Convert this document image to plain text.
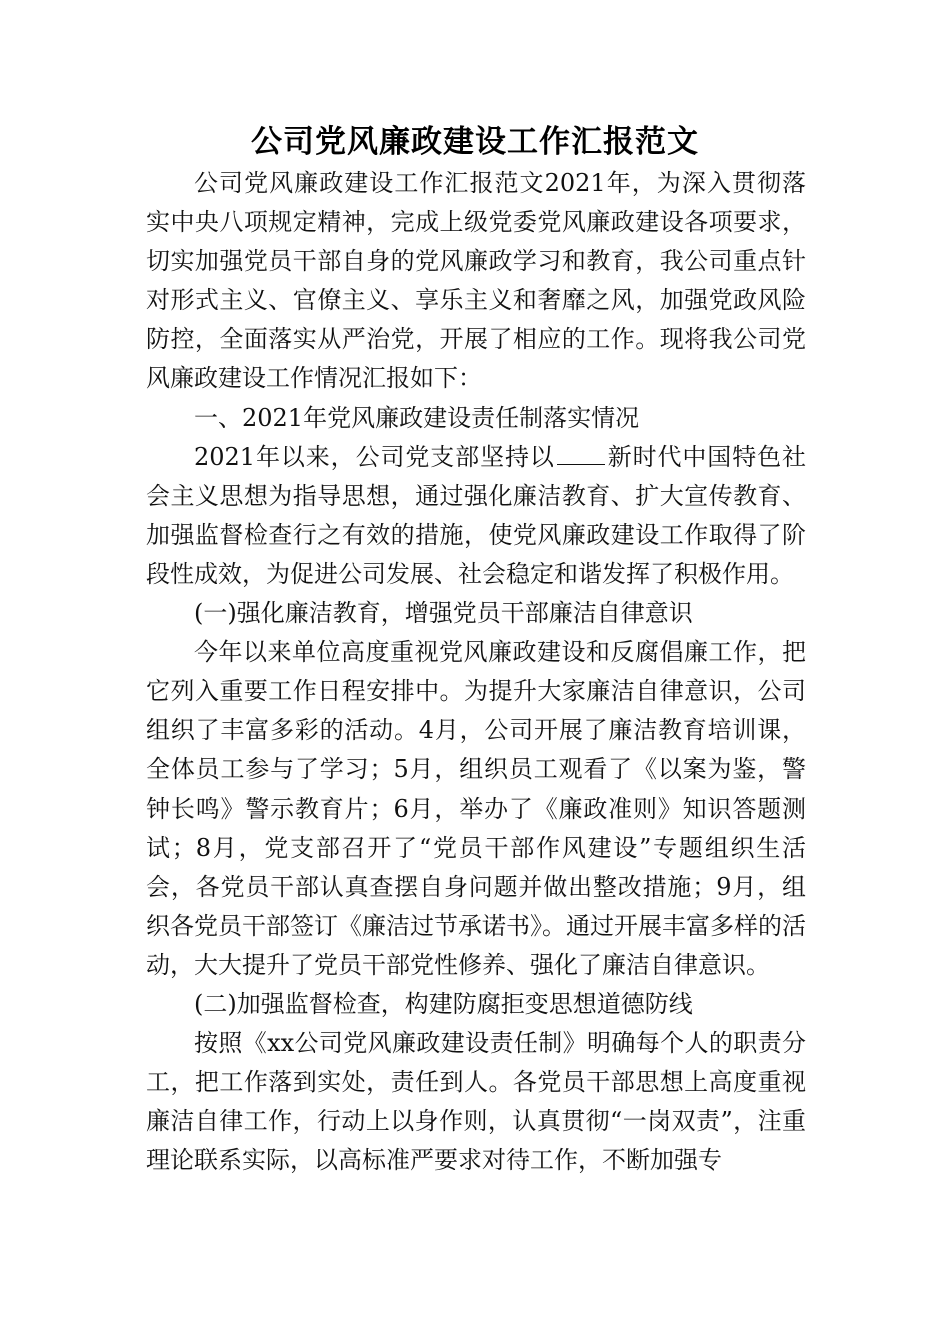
公司党风廉政建设工作汇报范文

公司党风廉政建设工作汇报范文2021年，为深入贯彻落实中央八项规定精神，完成上级党委党风廉政建设各项要求，切实加强党员干部自身的党风廉政学习和教育，我公司重点针对形式主义、官僚主义、享乐主义和奢靡之风，加强党政风险防控，全面落实从严治党，开展了相应的工作。现将我公司党风廉政建设工作情况汇报如下：

一、2021年党风廉政建设责任制落实情况

2021年以来，公司党支部坚持以 新时代中国特色社会主义思想为指导思想，通过强化廉洁教育、扩大宣传教育、加强监督检查行之有效的措施，使党风廉政建设工作取得了阶段性成效，为促进公司发展、社会稳定和谐发挥了积极作用。

(一)强化廉洁教育，增强党员干部廉洁自律意识

今年以来单位高度重视党风廉政建设和反腐倡廉工作，把它列入重要工作日程安排中。为提升大家廉洁自律意识，公司组织了丰富多彩的活动。4月，公司开展了廉洁教育培训课，全体员工参与了学习；5月，组织员工观看了《以案为鉴，警钟长鸣》警示教育片；6月，举办了《廉政准则》知识答题测试；8月，党支部召开了“党员干部作风建设”专题组织生活会，各党员干部认真查摆自身问题并做出整改措施；9月，组织各党员干部签订《廉洁过节承诺书》。通过开展丰富多样的活动，大大提升了党员干部党性修养、强化了廉洁自律意识。

(二)加强监督检查，构建防腐拒变思想道德防线

按照《xx公司党风廉政建设责任制》明确每个人的职责分工，把工作落到实处，责任到人。各党员干部思想上高度重视廉洁自律工作，行动上以身作则，认真贯彻“一岗双责”，注重理论联系实际，以高标准严要求对待工作，不断加强专
